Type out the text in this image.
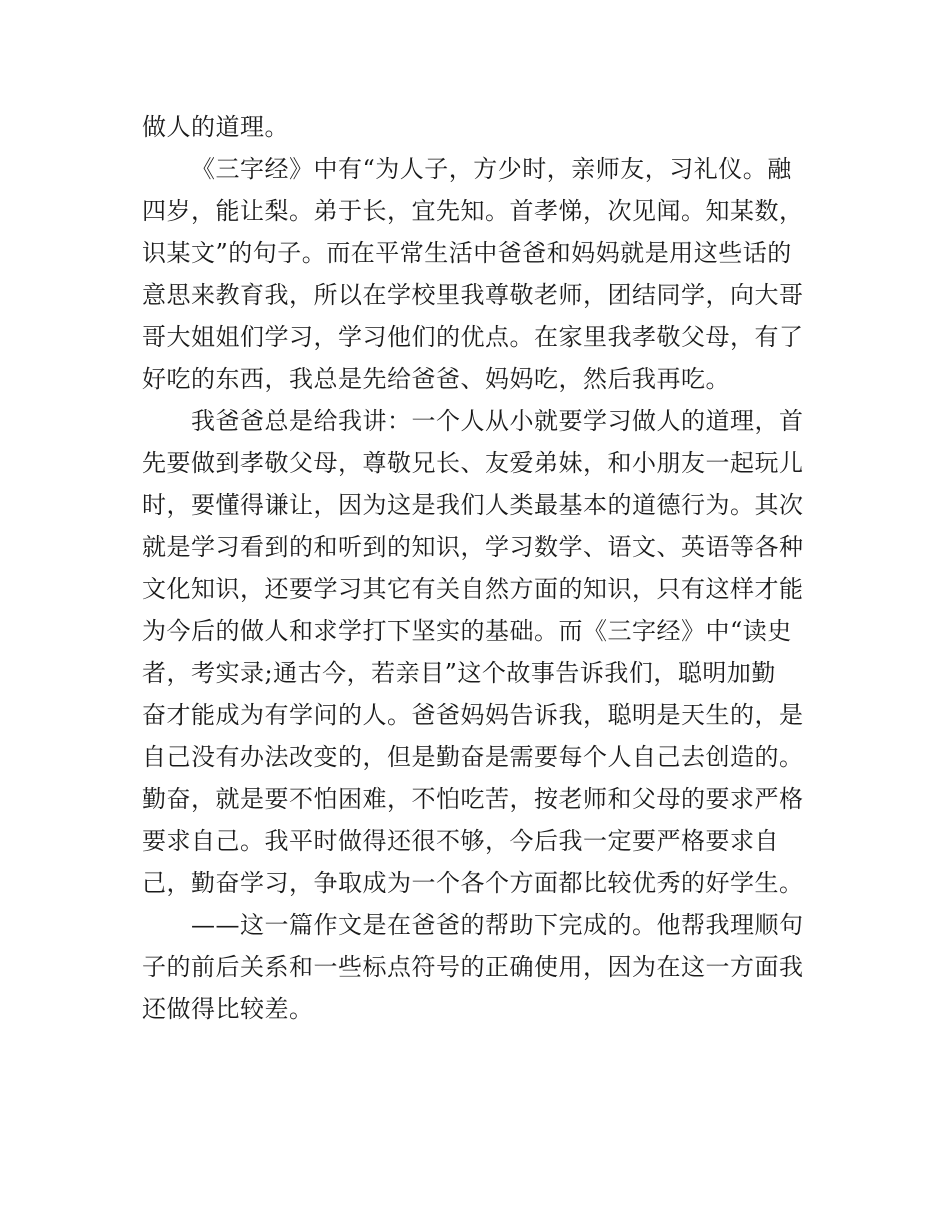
做人的道理。
《三字经》中有“为人子，方少时，亲师友，习礼仪。融
四岁，能让梨。弟于长，宜先知。首孝悌，次见闻。知某数，
识某文”的句子。而在平常生活中爸爸和妈妈就是用这些话的
意思来教育我，所以在学校里我尊敬老师，团结同学，向大哥
哥大姐姐们学习，学习他们的优点。在家里我孝敬父母，有了
好吃的东西，我总是先给爸爸、妈妈吃，然后我再吃。
我爸爸总是给我讲：一个人从小就要学习做人的道理，首
先要做到孝敬父母，尊敬兄长、友爱弟妹，和小朋友一起玩儿
时，要懂得谦让，因为这是我们人类最基本的道德行为。其次
就是学习看到的和听到的知识，学习数学、语文、英语等各种
文化知识，还要学习其它有关自然方面的知识，只有这样才能
为今后的做人和求学打下坚实的基础。而《三字经》中“读史
者，考实录;通古今，若亲目”这个故事告诉我们，聪明加勤
奋才能成为有学问的人。爸爸妈妈告诉我，聪明是天生的，是
自己没有办法改变的，但是勤奋是需要每个人自己去创造的。
勤奋，就是要不怕困难，不怕吃苦，按老师和父母的要求严格
要求自己。我平时做得还很不够，今后我一定要严格要求自
己，勤奋学习，争取成为一个各个方面都比较优秀的好学生。
——这一篇作文是在爸爸的帮助下完成的。他帮我理顺句
子的前后关系和一些标点符号的正确使用，因为在这一方面我
还做得比较差。
